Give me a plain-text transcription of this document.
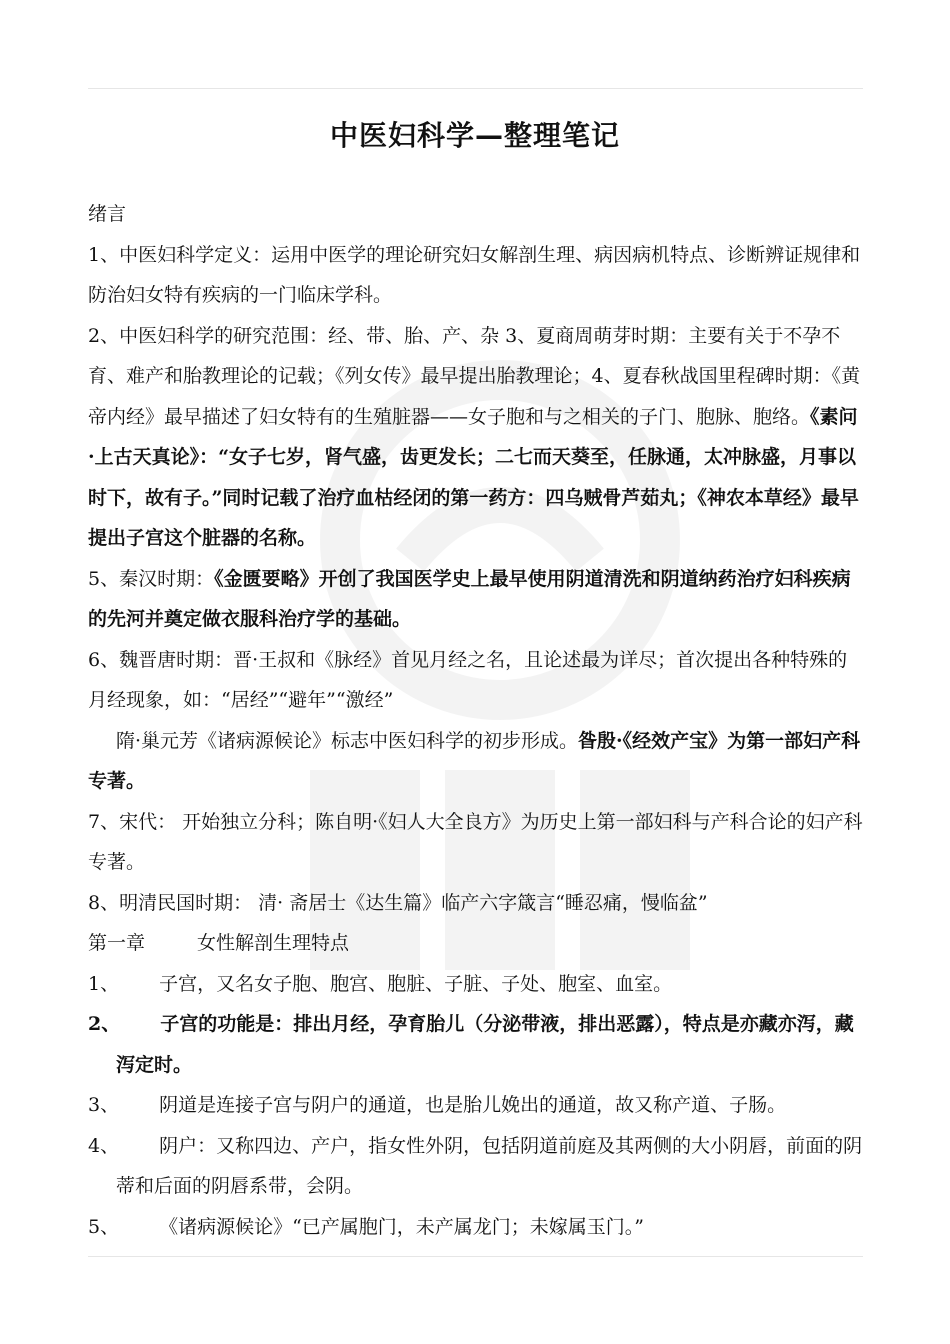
中医妇科学—整理笔记

绪言

1、中医妇科学定义：运用中医学的理论研究妇女解剖生理、病因病机特点、诊断辨证规律和防治妇女特有疾病的一门临床学科。

2、中医妇科学的研究范围：经、带、胎、产、杂 3、夏商周萌芽时期：主要有关于不孕不育、难产和胎教理论的记载；《列女传》最早提出胎教理论；4、夏春秋战国里程碑时期：《黄帝内经》最早描述了妇女特有的生殖脏器——女子胞和与之相关的子门、胞脉、胞络。《素问·上古天真论》：“女子七岁，肾气盛，齿更发长；二七而天葵至，任脉通，太冲脉盛，月事以时下，故有子。”同时记载了治疗血枯经闭的第一药方：四乌贼骨芦茹丸；《神农本草经》最早提出子宫这个脏器的名称。

5、秦汉时期：《金匮要略》开创了我国医学史上最早使用阴道清洗和阴道纳药治疗妇科疾病的先河并奠定做衣服科治疗学的基础。

6、魏晋唐时期：晋·王叔和《脉经》首见月经之名，且论述最为详尽；首次提出各种特殊的月经现象，如：“居经”“避年”“激经”

隋·巢元芳《诸病源候论》标志中医妇科学的初步形成。昝殷·《经效产宝》为第一部妇产科专著。

7、宋代： 开始独立分科；陈自明·《妇人大全良方》为历史上第一部妇科与产科合论的妇产科专著。

8、明清民国时期： 清· 斋居士《达生篇》临产六字箴言“睡忍痛，慢临盆”

第一章	女性解剖生理特点

1、 子宫，又名女子胞、胞宫、胞脏、子脏、子处、胞室、血室。

2、 子宫的功能是：排出月经，孕育胎儿（分泌带液，排出恶露），特点是亦藏亦泻，藏泻定时。

3、 阴道是连接子宫与阴户的通道，也是胎儿娩出的通道，故又称产道、子肠。

4、 阴户：又称四边、产户，指女性外阴，包括阴道前庭及其两侧的大小阴唇，前面的阴蒂和后面的阴唇系带，会阴。

5、 《诸病源候论》“已产属胞门，未产属龙门；未嫁属玉门。”
